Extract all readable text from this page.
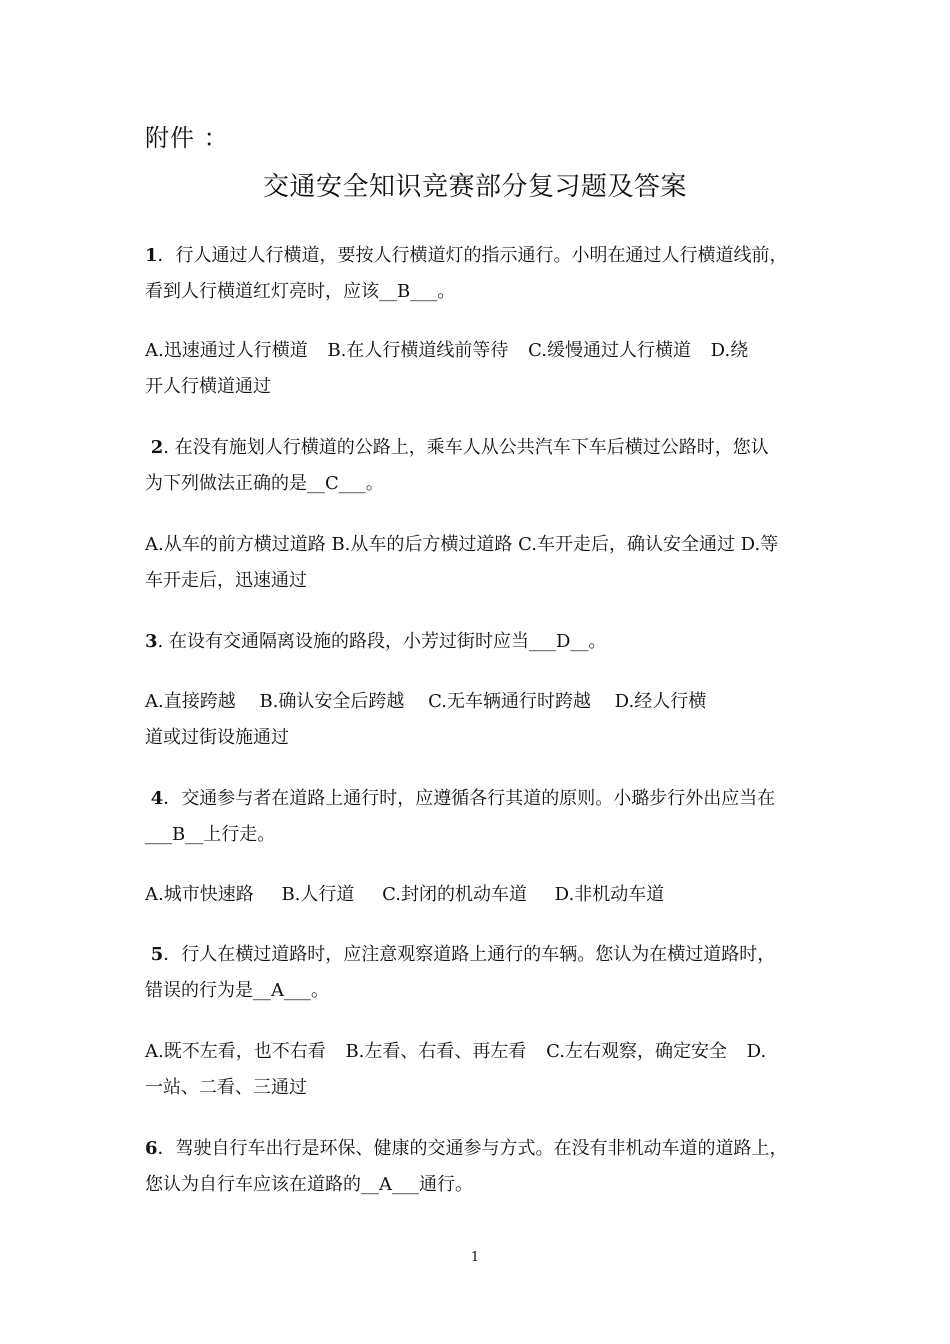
附件 ：
交通安全知识竞赛部分复习题及答案
1．行人通过人行横道，要按人行横道灯的指示通行。小明在通过人行横道线前，
看到人行横道红灯亮时，应该__B___。
A.迅速通过人行横道 B.在人行横道线前等待 C.缓慢通过人行横道 D.绕
开人行横道通过
2. 在没有施划人行横道的公路上，乘车人从公共汽车下车后横过公路时，您认
为下列做法正确的是__C___。
A.从车的前方横过道路 B.从车的后方横过道路 C.车开走后，确认安全通过 D.等
车开走后，迅速通过
3. 在设有交通隔离设施的路段，小芳过街时应当___D__。
A.直接跨越 B.确认安全后跨越 C.无车辆通行时跨越 D.经人行横
道或过街设施通过
4．交通参与者在道路上通行时，应遵循各行其道的原则。小璐步行外出应当在
___B__上行走。
A.城市快速路 B.人行道 C.封闭的机动车道 D.非机动车道
5．行人在横过道路时，应注意观察道路上通行的车辆。您认为在横过道路时，
错误的行为是__A___。
A.既不左看，也不右看 B.左看、右看、再左看 C.左右观察，确定安全 D.
一站、二看、三通过
6．驾驶自行车出行是环保、健康的交通参与方式。在没有非机动车道的道路上，
您认为自行车应该在道路的__A___通行。
1
